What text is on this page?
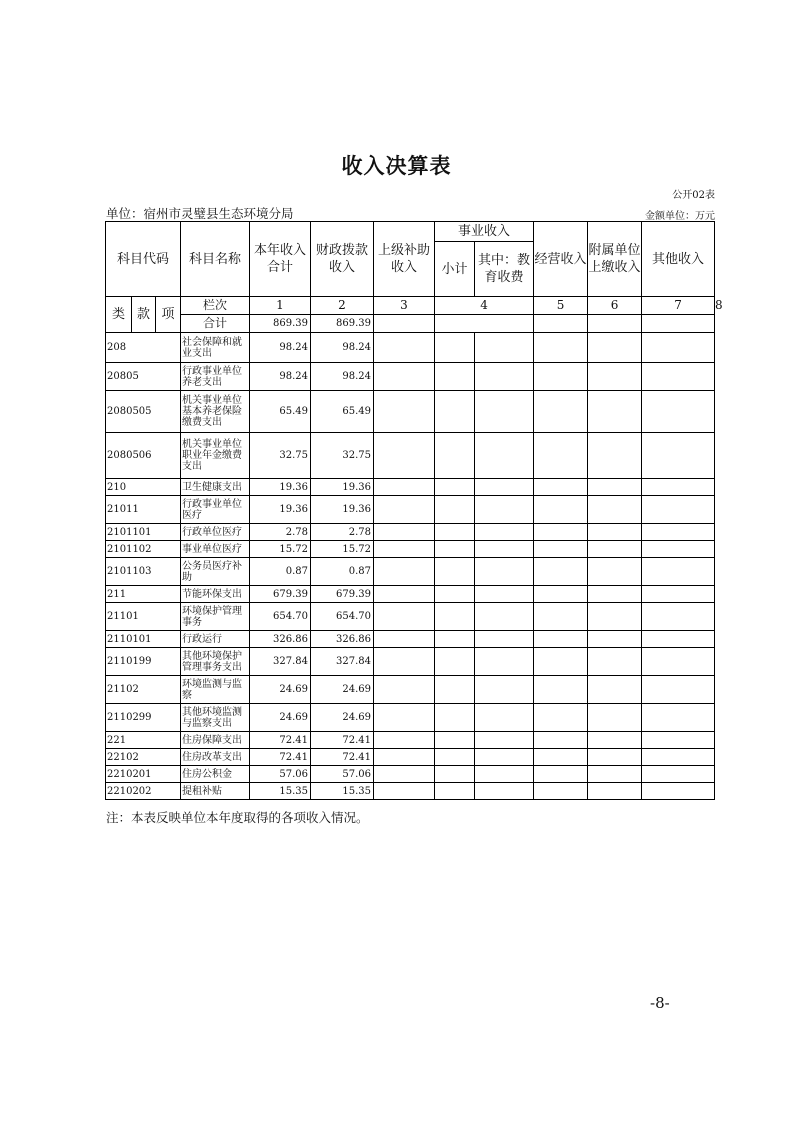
收入决算表
公开02表
单位：宿州市灵璧县生态环境分局	金额单位：万元
科目代码			科目名称	本年收入合计	财政拨款收入	上级补助收入	事业收入		经营收入	附属单位上缴收入	其他收入	
							小计	其中：教育收费				
类	款	项	栏次	1	2	3	4		5	6	7	8
			合计	869.39	869.39							
208			社会保障和就业支出	98.24	98.24							
20805			行政事业单位养老支出	98.24	98.24							
2080505			机关事业单位基本养老保险缴费支出	65.49	65.49							
2080506			机关事业单位职业年金缴费支出	32.75	32.75							
210			卫生健康支出	19.36	19.36							
21011			行政事业单位医疗	19.36	19.36							
2101101			行政单位医疗	2.78	2.78							
2101102			事业单位医疗	15.72	15.72							
2101103			公务员医疗补助	0.87	0.87							
211			节能环保支出	679.39	679.39							
21101			环境保护管理事务	654.70	654.70							
2110101			行政运行	326.86	326.86							
2110199			其他环境保护管理事务支出	327.84	327.84							
21102			环境监测与监察	24.69	24.69							
2110299			其他环境监测与监察支出	24.69	24.69							
221			住房保障支出	72.41	72.41							
22102			住房改革支出	72.41	72.41							
2210201			住房公积金	57.06	57.06							
2210202			提租补贴	15.35	15.35							
注：本表反映单位本年度取得的各项收入情况。
-8-
